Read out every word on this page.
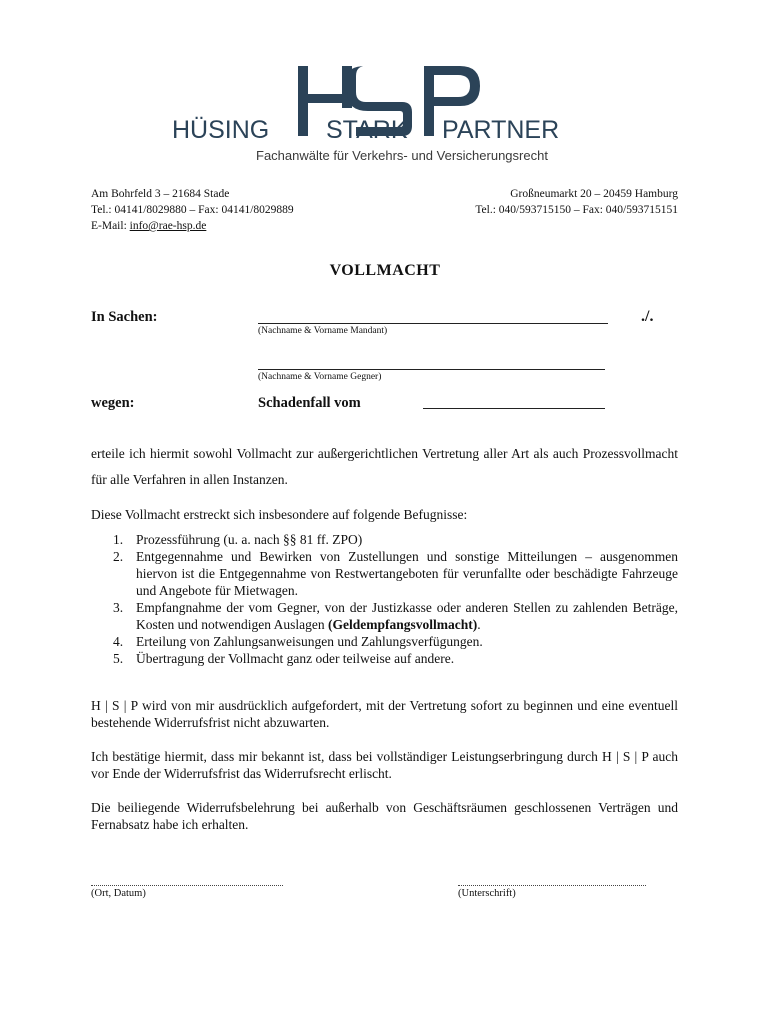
HÜSING STARK PARTNER
Fachanwälte für Verkehrs- und Versicherungsrecht
Am Bohrfeld 3 – 21684 Stade
Tel.: 04141/8029880 – Fax: 04141/8029889
E-Mail: info@rae-hsp.de
Großneumarkt 20 – 20459 Hamburg
Tel.: 040/593715150 – Fax: 040/593715151
VOLLMACHT
In Sachen:	./.
(Nachname & Vorname Mandant)
(Nachname & Vorname Gegner)
wegen:	Schadenfall vom
erteile ich hiermit sowohl Vollmacht zur außergerichtlichen Vertretung aller Art als auch Prozessvollmacht für alle Verfahren in allen Instanzen.
Diese Vollmacht erstreckt sich insbesondere auf folgende Befugnisse:
1. Prozessführung (u. a. nach §§ 81 ff. ZPO)
2. Entgegennahme und Bewirken von Zustellungen und sonstige Mitteilungen – ausgenommen hiervon ist die Entgegennahme von Restwertangeboten für verunfallte oder beschädigte Fahrzeuge und Angebote für Mietwagen.
3. Empfangnahme der vom Gegner, von der Justizkasse oder anderen Stellen zu zahlenden Beträge, Kosten und notwendigen Auslagen (Geldempfangsvollmacht).
4. Erteilung von Zahlungsanweisungen und Zahlungsverfügungen.
5. Übertragung der Vollmacht ganz oder teilweise auf andere.
H | S | P wird von mir ausdrücklich aufgefordert, mit der Vertretung sofort zu beginnen und eine eventuell bestehende Widerrufsfrist nicht abzuwarten.
Ich bestätige hiermit, dass mir bekannt ist, dass bei vollständiger Leistungserbringung durch H | S | P auch vor Ende der Widerrufsfrist das Widerrufsrecht erlischt.
Die beiliegende Widerrufsbelehrung bei außerhalb von Geschäftsräumen geschlossenen Verträgen und Fernabsatz habe ich erhalten.
(Ort, Datum)	(Unterschrift)
